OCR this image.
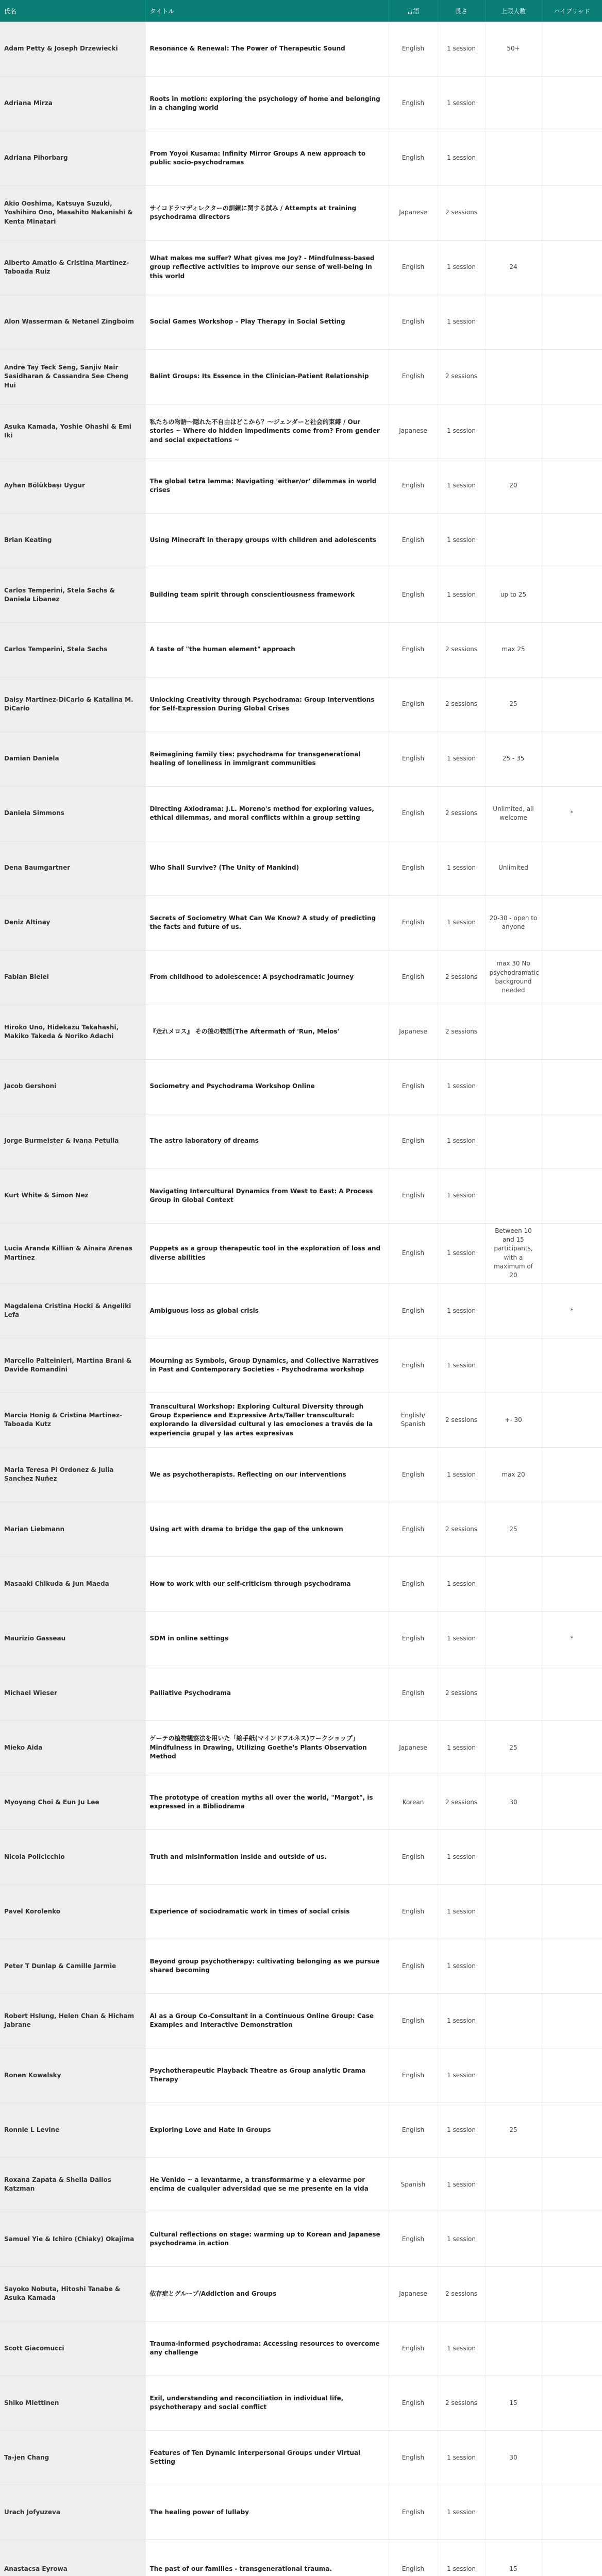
氏名	タイトル	言語	長さ	上限人数	ハイブリッド
Adam Petty & Joseph Drzewiecki	Resonance & Renewal: The Power of Therapeutic Sound	English	1 session	50+	
Adriana Mirza	Roots in motion: exploring the psychology of home and belonging in a changing world	English	1 session		
Adriana Pihorbarg	From Yoyoi Kusama: Infinity Mirror Groups A new approach to public socio-psychodramas	English	1 session		
Akio Ooshima, Katsuya Suzuki, Yoshihiro Ono, Masahito Nakanishi & Kenta Minatari	サイコドラマディレクターの訓練に関する試み / Attempts at training psychodrama directors	Japanese	2 sessions		
Alberto Amatio & Cristina Martinez-Taboada Ruiz	What makes me suffer? What gives me Joy? - Mindfulness-based group reflective activities to improve our sense of well-being in this world	English	1 session	24	
Alon Wasserman & Netanel Zingboim	Social Games Workshop – Play Therapy in Social Setting	English	1 session		
Andre Tay Teck Seng, Sanjiv Nair Sasidharan & Cassandra See Cheng Hui	Balint Groups: Its Essence in the Clinician-Patient Relationship	English	2 sessions		
Asuka Kamada, Yoshie Ohashi & Emi Iki	私たちの物語〜隠れた不自由はどこから？〜ジェンダーと社会的束縛 / Our stories ~ Where do hidden impediments come from? From gender and social expectations ~	Japanese	1 session		
Ayhan Bölükbaşı Uygur	The global tetra lemma: Navigating 'either/or' dilemmas in world crises	English	1 session	20	
Brian Keating	Using Minecraft in therapy groups with children and adolescents	English	1 session		
Carlos Temperini, Stela Sachs & Daniela Libanez	Building team spirit through conscientiousness framework	English	1 session	up to 25	
Carlos Temperini, Stela Sachs	A taste of "the human element" approach	English	2 sessions	max 25	
Daisy Martinez-DiCarlo & Katalina M. DiCarlo	Unlocking Creativity through Psychodrama: Group Interventions for Self-Expression During Global Crises	English	2 sessions	25	
Damian Daniela	Reimagining family ties: psychodrama for transgenerational healing of loneliness in immigrant communities	English	1 session	25 - 35	
Daniela Simmons	Directing Axiodrama: J.L. Moreno's method for exploring values, ethical dilemmas, and moral conflicts within a group setting	English	2 sessions	Unlimited, all welcome	*
Dena Baumgartner	Who Shall Survive? (The Unity of Mankind)	English	1 session	Unlimited	
Deniz Altinay	Secrets of Sociometry What Can We Know? A study of predicting the facts and future of us.	English	1 session	20-30 - open to anyone	
Fabian Bleiel	From childhood to adolescence: A psychodramatic journey	English	2 sessions	max 30 No psychodramatic background needed	
Hiroko Uno, Hidekazu Takahashi, Makiko Takeda & Noriko Adachi	『走れメロス』 その後の物語(The Aftermath of 'Run, Melos'	Japanese	2 sessions		
Jacob Gershoni	Sociometry and Psychodrama Workshop Online	English	1 session		
Jorge Burmeister & Ivana Petulla	The astro laboratory of dreams	English	1 session		
Kurt White & Simon Nez	Navigating Intercultural Dynamics from West to East: A Process Group in Global Context	English	1 session		
Lucia Aranda Killian & Ainara Arenas Martinez	Puppets as a group therapeutic tool in the exploration of loss and diverse abilities	English	1 session	Between 10 and 15 participants, with a maximum of 20	
Magdalena Cristina Hocki & Angeliki Lefa	Ambiguous loss as global crisis	English	1 session		*
Marcello Palteinieri, Martina Brani & Davide Romandini	Mourning as Symbols, Group Dynamics, and Collective Narratives in Past and Contemporary Societies - Psychodrama workshop	English	1 session		
Marcia Honig & Cristina Martinez-Taboada Kutz	Transcultural Workshop: Exploring Cultural Diversity through Group Experience and Expressive Arts/Taller transcultural: explorando la diversidad cultural y las emociones a través de la experiencia grupal y las artes expresivas	English/ Spanish	2 sessions	+- 30	
Maria Teresa Pi Ordonez & Julia Sanchez Nuñez	We as psychotherapists. Reflecting on our interventions	English	1 session	max 20	
Marian Liebmann	Using art with drama to bridge the gap of the unknown	English	2 sessions	25	
Masaaki Chikuda & Jun Maeda	How to work with our self-criticism through psychodrama	English	1 session		
Maurizio Gasseau	SDM in online settings	English	1 session		*
Michael Wieser	Palliative Psychodrama	English	2 sessions		
Mieko Aida	ゲーテの植物観察法を用いた「絵手紙(マインドフルネス)ワークショップ」Mindfulness in Drawing, Utilizing Goethe's Plants Observation Method	Japanese	1 session	25	
Myoyong Choi & Eun Ju Lee	The prototype of creation myths all over the world, "Margot", is expressed in a Bibliodrama	Korean	2 sessions	30	
Nicola Policicchio	Truth and misinformation inside and outside of us.	English	1 session		
Pavel Korolenko	Experience of sociodramatic work in times of social crisis	English	1 session		
Peter T Dunlap & Camille Jarmie	Beyond group psychotherapy: cultivating belonging as we pursue shared becoming	English	1 session		
Robert Hslung, Helen Chan & Hicham Jabrane	AI as a Group Co-Consultant in a Continuous Online Group: Case Examples and Interactive Demonstration	English	1 session		
Ronen Kowalsky	Psychotherapeutic Playback Theatre as Group analytic Drama Therapy	English	1 session		
Ronnie L Levine	Exploring Love and Hate in Groups	English	1 session	25	
Roxana Zapata & Sheila Dallos Katzman	He Venido ~ a levantarme, a transformarme y a elevarme por encima de cualquier adversidad que se me presente en la vida	Spanish	1 session		
Samuel Yie & Ichiro (Chiaky) Okajima	Cultural reflections on stage: warming up to Korean and Japanese psychodrama in action	English	1 session		
Sayoko Nobuta, Hitoshi Tanabe & Asuka Kamada	依存症とグループ/Addiction and Groups	Japanese	2 sessions		
Scott Giacomucci	Trauma-informed psychodrama: Accessing resources to overcome any challenge	English	1 session		
Shiko Miettinen	Exil, understanding and reconciliation in individual life, psychotherapy and social conflict	English	2 sessions	15	
Ta-jen Chang	Features of Ten Dynamic Interpersonal Groups under Virtual Setting	English	1 session	30	
Urach Jofyuzeva	The healing power of lullaby	English	1 session		
Anastacsa Eyrowa	The past of our families - transgenerational trauma.	English	1 session	15	
